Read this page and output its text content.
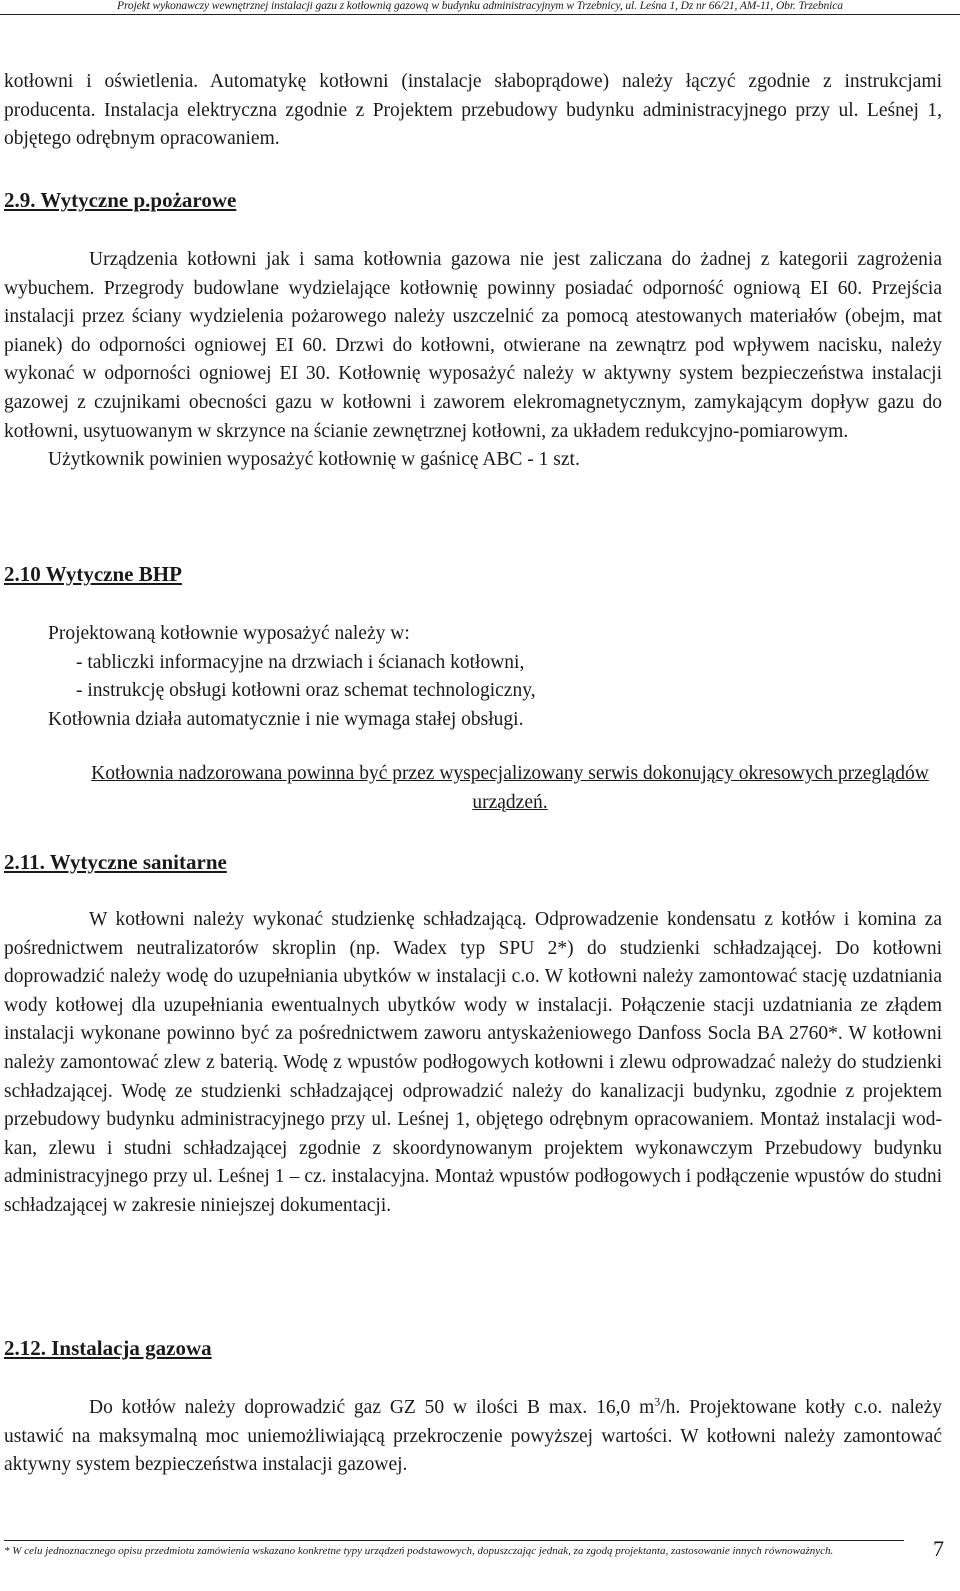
Projekt wykonawczy wewnętrznej instalacji gazu z kotłownią gazową w budynku administracyjnym w Trzebnicy, ul. Leśna 1, Dz nr 66/21, AM-11, Obr. Trzebnica

kotłowni i oświetlenia. Automatykę kotłowni (instalacje słaboprądowe) należy łączyć zgodnie z instrukcjami producenta. Instalacja elektryczna zgodnie z Projektem przebudowy budynku administracyjnego przy ul. Leśnej 1, objętego odrębnym opracowaniem.

2.9. Wytyczne p.pożarowe

Urządzenia kotłowni jak i sama kotłownia gazowa nie jest zaliczana do żadnej z kategorii zagrożenia wybuchem. Przegrody budowlane wydzielające kotłownię powinny posiadać odporność ogniową EI 60. Przejścia instalacji przez ściany wydzielenia pożarowego należy uszczelnić za pomocą atestowanych materiałów (obejm, mat pianek) do odporności ogniowej EI 60. Drzwi do kotłowni, otwierane na zewnątrz pod wpływem nacisku, należy wykonać w odporności ogniowej EI 30. Kotłownię wyposażyć należy w aktywny system bezpieczeństwa instalacji gazowej z czujnikami obecności gazu w kotłowni i zaworem elekromagnetycznym, zamykającym dopływ gazu do kotłowni, usytuowanym w skrzynce na ścianie zewnętrznej kotłowni, za układem redukcyjno-pomiarowym.

Użytkownik powinien wyposażyć kotłownię w gaśnicę ABC - 1 szt.

2.10 Wytyczne BHP

Projektowaną kotłownie wyposażyć należy w:

- tabliczki informacyjne na drzwiach i ścianach kotłowni,

- instrukcję obsługi kotłowni oraz schemat technologiczny,

Kotłownia działa automatycznie i nie wymaga stałej obsługi.

Kotłownia nadzorowana powinna być przez wyspecjalizowany serwis dokonujący okresowych przeglądów urządzeń.
2.11. Wytyczne sanitarne

W kotłowni należy wykonać studzienkę schładzającą. Odprowadzenie kondensatu z kotłów i komina za pośrednictwem neutralizatorów skroplin (np. Wadex typ SPU 2*) do studzienki schładzającej. Do kotłowni doprowadzić należy wodę do uzupełniania ubytków w instalacji c.o. W kotłowni należy zamontować stację uzdatniania wody kotłowej dla uzupełniania ewentualnych ubytków wody w instalacji. Połączenie stacji uzdatniania ze złądem instalacji wykonane powinno być za pośrednictwem zaworu antyskażeniowego Danfoss Socla BA 2760*. W kotłowni należy zamontować zlew z baterią. Wodę z wpustów podłogowych kotłowni i zlewu odprowadzać należy do studzienki schładzającej. Wodę ze studzienki schładzającej odprowadzić należy do kanalizacji budynku, zgodnie z projektem przebudowy budynku administracyjnego przy ul. Leśnej 1, objętego odrębnym opracowaniem. Montaż instalacji wod-kan, zlewu i studni schładzającej zgodnie z skoordynowanym projektem wykonawczym Przebudowy budynku administracyjnego przy ul. Leśnej 1 – cz. instalacyjna. Montaż wpustów podłogowych i podłączenie wpustów do studni schładzającej w zakresie niniejszej dokumentacji.

2.12. Instalacja gazowa

Do kotłów należy doprowadzić gaz GZ 50 w ilości B max. 16,0 $m^3/h$. Projektowane kotły c.o. należy ustawić na maksymalną moc uniemożliwiającą przekroczenie powyższej wartości. W kotłowni należy zamontować aktywny system bezpieczeństwa instalacji gazowej.

* W celu jednoznacznego opisu przedmiotu zamówienia wskazano konkretne typy urządzeń podstawowych, dopuszczając jednak, za zgodą projektanta, zastosowanie innych równoważnych.	7
